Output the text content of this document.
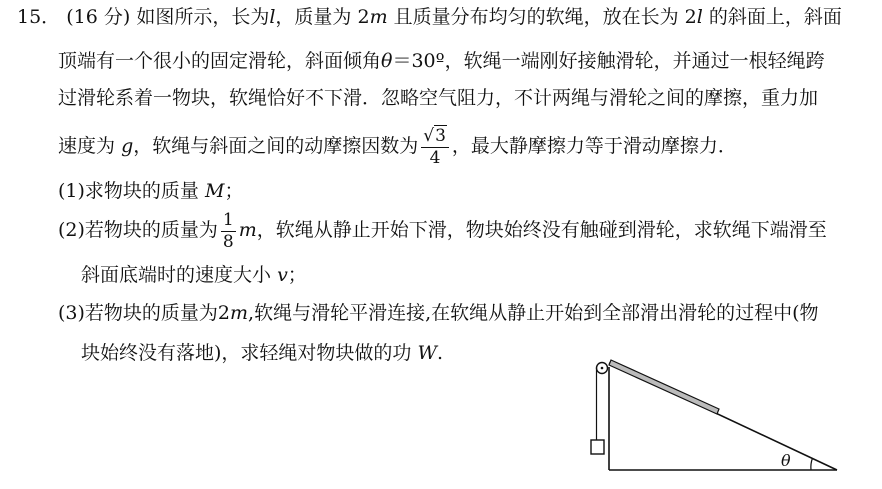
15． (16 分) 如图所示，长为l，质量为 2m 且质量分布均匀的软绳，放在长为 2l 的斜面上，斜面
顶端有一个很小的固定滑轮，斜面倾角θ＝30º，软绳一端刚好接触滑轮，并通过一根轻绳跨
过滑轮系着一物块，软绳恰好不下滑．忽略空气阻力，不计两绳与滑轮之间的摩擦，重力加
速度为 g，软绳与斜面之间的动摩擦因数为 $\frac{√3}{4}$ ，最大静摩擦力等于滑动摩擦力．
(1)求物块的质量 M；
(2)若物块的质量为 $\frac{1}{8}$ m，软绳从静止开始下滑，物块始终没有触碰到滑轮，求软绳下端滑至
斜面底端时的速度大小 v；
(3)若物块的质量为2m,软绳与滑轮平滑连接,在软绳从静止开始到全部滑出滑轮的过程中(物
块始终没有落地)，求轻绳对物块做的功 W.
θ
